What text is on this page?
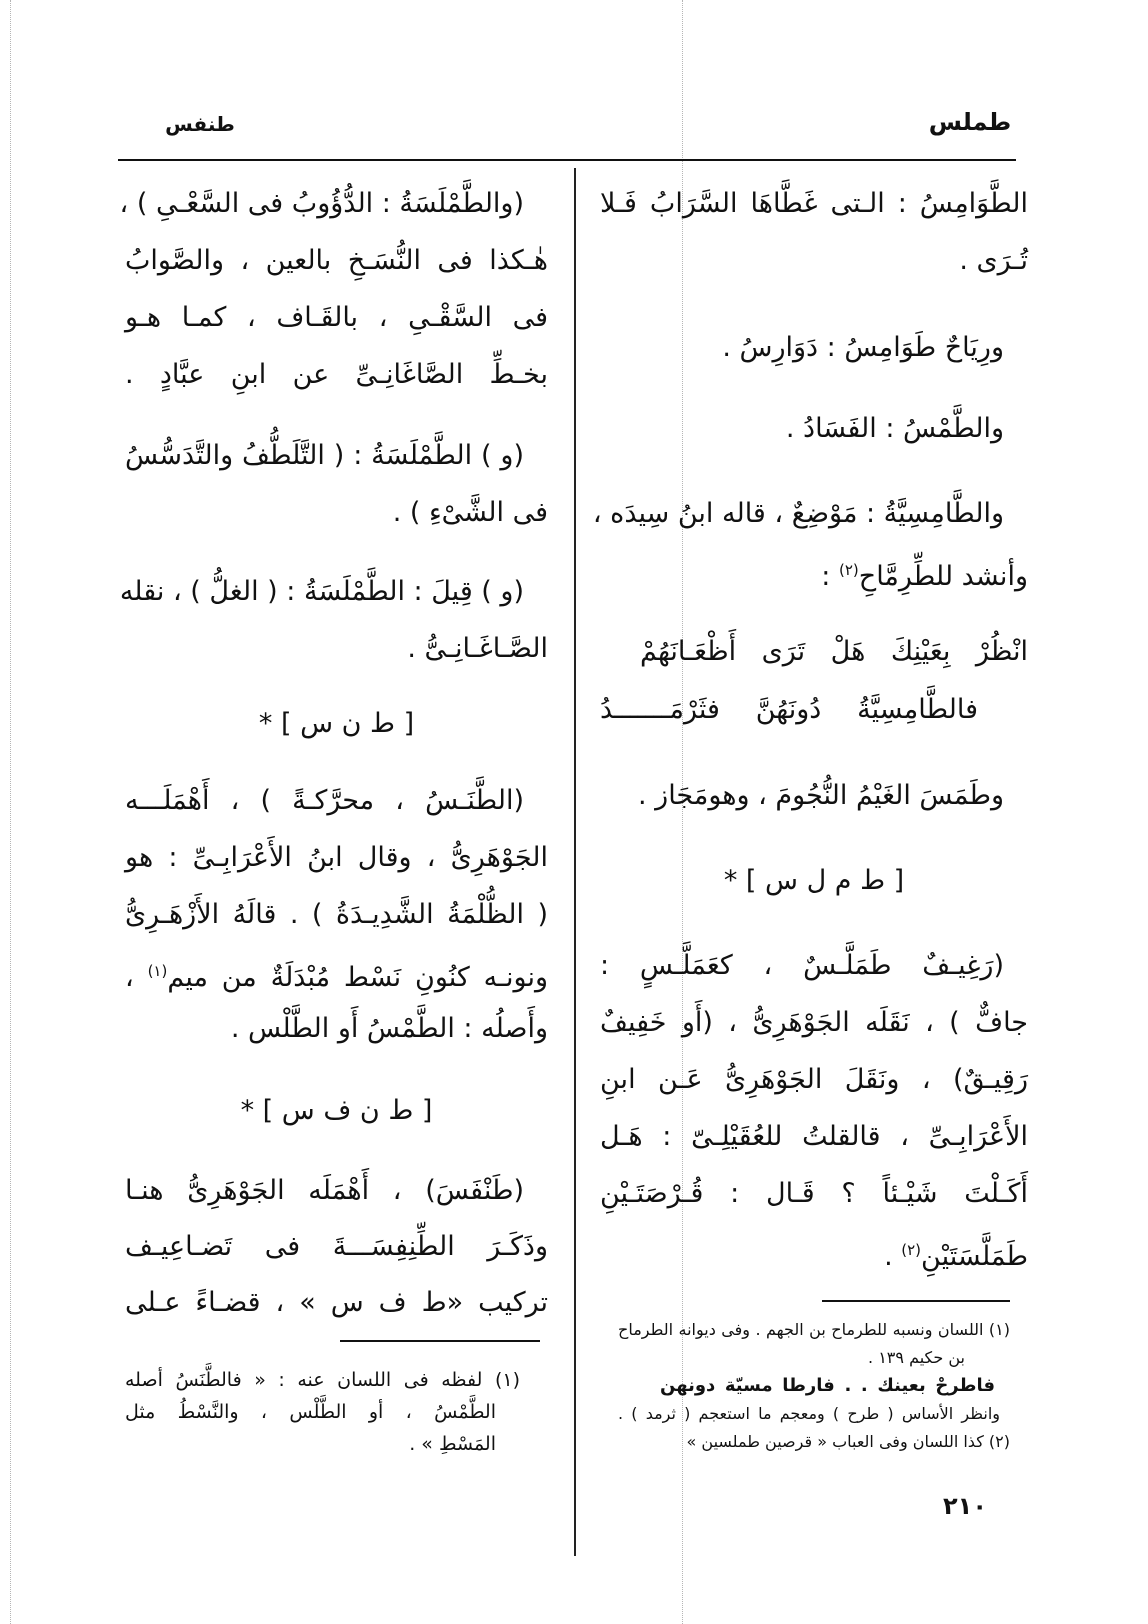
طملس
طنفس
الطَّوَامِسُ : الـتى غَطَّاهَا السَّرَابُ فَـلا
تُـرَى .
ورِيَاحٌ طَوَامِسُ : دَوَارِسُ .
والطَّمْسُ : الفَسَادُ .
والطَّامِسِيَّةُ : مَوْضِعٌ ، قاله ابنُ سِيدَه ،
وأنشد للطِّرِمَّاحِ$^{(٢)}$ :
انْظُرْ بِعَيْنِكَ هَلْ تَرَى أَظْعَـانَهُمْ
فالطَّامِسِيَّةُ دُونَهُنَّ فثَرْمَـــــــدُ
وطَمَسَ الغَيْمُ النُّجُومَ ، وهومَجَاز .
[ ط م ل س ] *
(رَغِيـفٌ طَمَلَّـسٌ ، كعَمَلَّـسٍ :
جافٌّ ) ، نَقَلَه الجَوْهَرِىُّ ، (أَو خَفِيفٌ
رَقِيـقٌ) ، ونَقَلَ الجَوْهَرِىُّ عَـن ابنِ
الأَعْرَابِـىِّ ، قالقلتُ للعُقَيْلِـىّ : هَـل
أَكَـلْتَ شَيْـئاً ؟ قَـال : قُـرْصَتَـيْنِ
طَمَلَّسَتَيْنِ$^{(٢)}$ .
(١) اللسان ونسبه للطرماح بن الجهم . وفى ديوانه الطرماح
بن حكيم ١٣٩ .
فاطرحْ بعينك . . فارطا مسيّة دونهن
وانظر الأساس ( طرح ) ومعجم ما استعجم ( ثرمد ) .
(٢) كذا اللسان وفى العباب « قرصين طملسين »
(والطَّمْلَسَةُ : الدُّؤُوبُ فى السَّعْـىِ ) ،
هٰـكذا فى النُّسَـخِ بالعين ، والصَّوابُ
فى السَّقْـىِ ، بالقَـاف ، كمـا هـو
بخـطِّ الصَّاغَانِـىِّ عن ابنِ عبَّادٍ .
(و ) الطَّمْلَسَةُ : ( التَّلَطُّفُ والتَّدَسُّسُ
فى الشَّىْءِ ) .
(و ) قِيلَ : الطَّمْلَسَةُ : ( الغلُّ ) ، نقله
الصَّـاغَـانِـىُّ .
[ ط ن س ] *
(الطَّنَـسُ ، محرَّكـةً ) ، أَهْمَلَـــه
الجَوْهَرِىُّ ، وقال ابنُ الأَعْرَابِـىِّ : هو
( الظُّلْمَةُ الشَّدِيـدَةُ ) . قالَهُ الأَزْهَـرِىُّ
ونونـه كنُونِ نَسْط مُبْدَلَةٌ من ميم$^{(١)}$ ،
وأَصلُه : الطَّمْسُ أَو الطَّلْس .
[ ط ن ف س ] *
(طَنْفَسَ) ، أَهْمَلَه الجَوْهَرِىُّ هنـا
وذَكَـرَ الطِّنِفِسَـــةَ فى تَضـاعِيـف
تركيب «ط ف س » ، قضـاءً عـلى
(١) لفظه فى اللسان عنه : « فالطَّنَسُ أصله
الطَّمْسُ ، أو الطَّلْس ، والنَّسْطُ مثل
المَسْطِ » .
٢١٠
